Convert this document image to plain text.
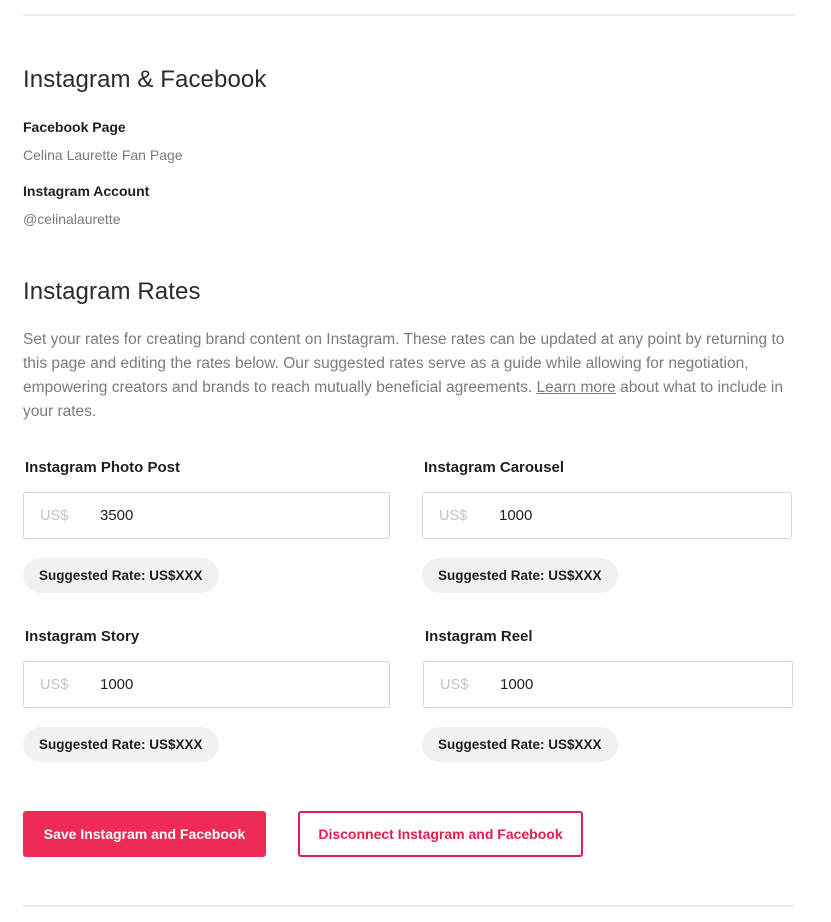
Instagram & Facebook

Facebook Page

Celina Laurette Fan Page

Instagram Account

@celinalaurette

Instagram Rates

Set your rates for creating brand content on Instagram. These rates can be updated at any point by returning to this page and editing the rates below. Our suggested rates serve as a guide while allowing for negotiation, empowering creators and brands to reach mutually beneficial agreements. Learn more about what to include in your rates.

Instagram Photo Post

US$
3500
Suggested Rate: US$XXX

Instagram Carousel

US$
1000
Suggested Rate: US$XXX

Instagram Story

US$
1000
Suggested Rate: US$XXX

Instagram Reel

US$
1000
Suggested Rate: US$XXX
Save Instagram and Facebook	Disconnect Instagram and Facebook
